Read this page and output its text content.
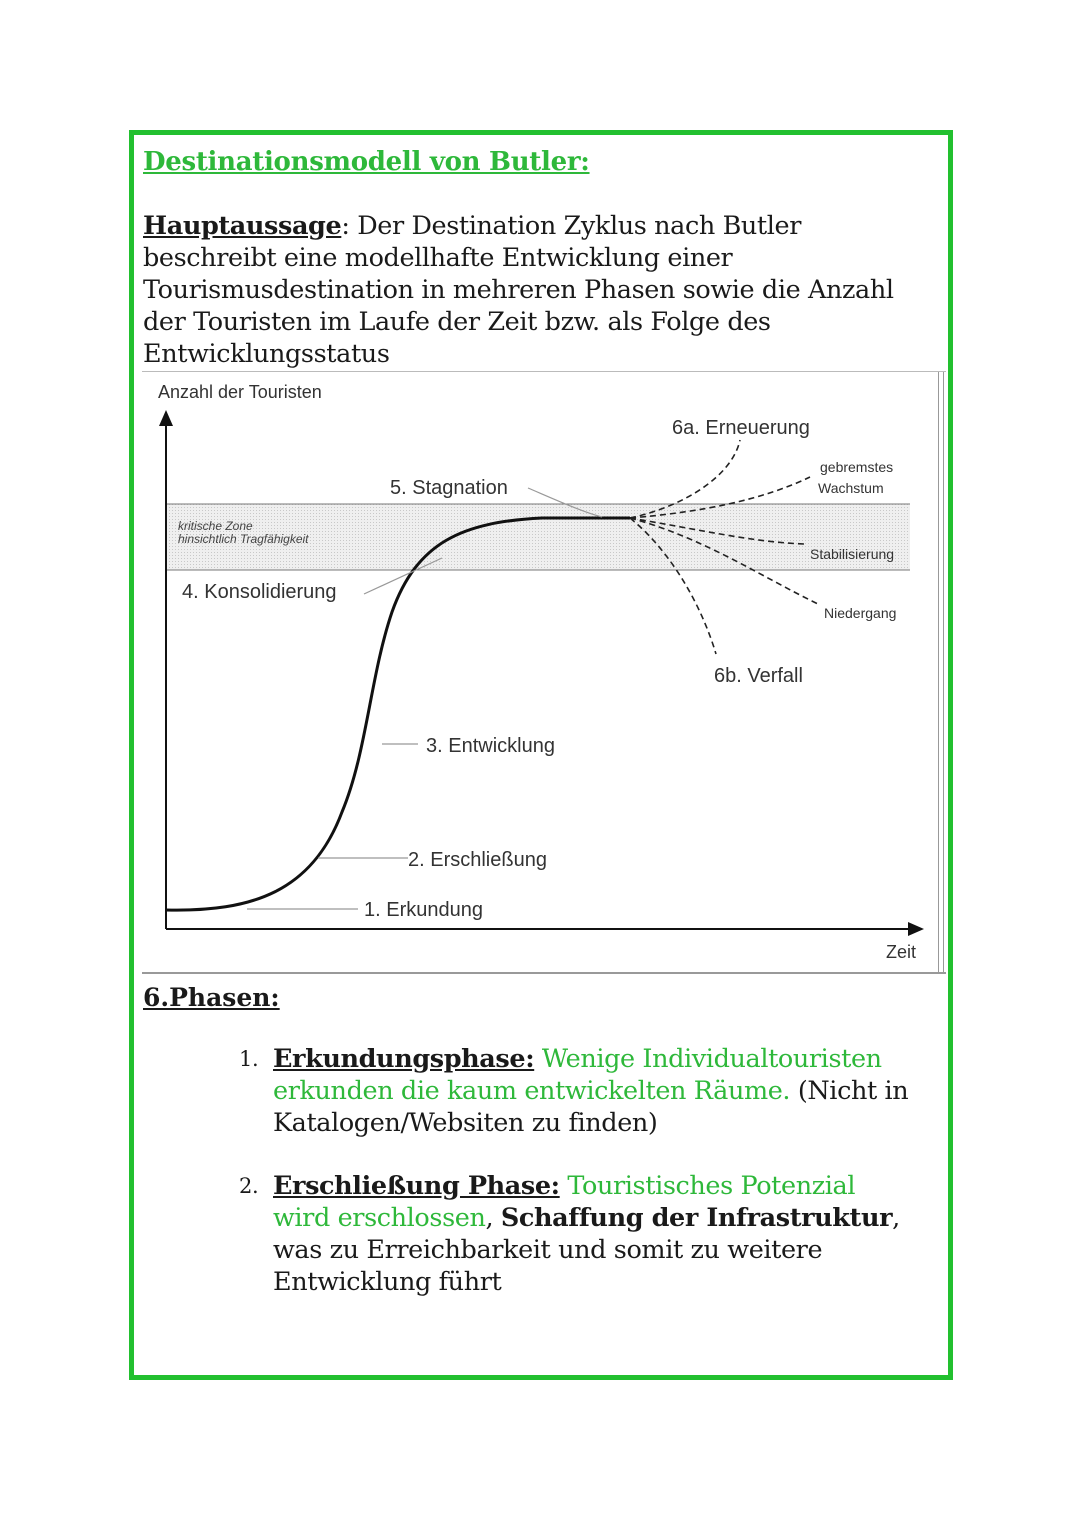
Destinationsmodell von Butler:
Hauptaussage: Der Destination Zyklus nach Butler beschreibt eine modellhafte Entwicklung einer Tourismusdestination in mehreren Phasen sowie die Anzahl der Touristen im Laufe der Zeit bzw. als Folge des Entwicklungsstatus
Anzahl der Touristen
Zeit
kritische Zone
hinsichtlich Tragfähigkeit
1. Erkundung
2. Erschließung
3. Entwicklung
4. Konsolidierung
5. Stagnation
6a. Erneuerung
6b. Verfall
gebremstes
Wachstum
Stabilisierung
Niedergang
6.Phasen:
1. Erkundungsphase: Wenige Individualtouristen erkunden die kaum entwickelten Räume. (Nicht in Katalogen/Websiten zu finden)
2. Erschließung Phase: Touristisches Potenzial wird erschlossen, Schaffung der Infrastruktur, was zu Erreichbarkeit und somit zu weitere Entwicklung führt
